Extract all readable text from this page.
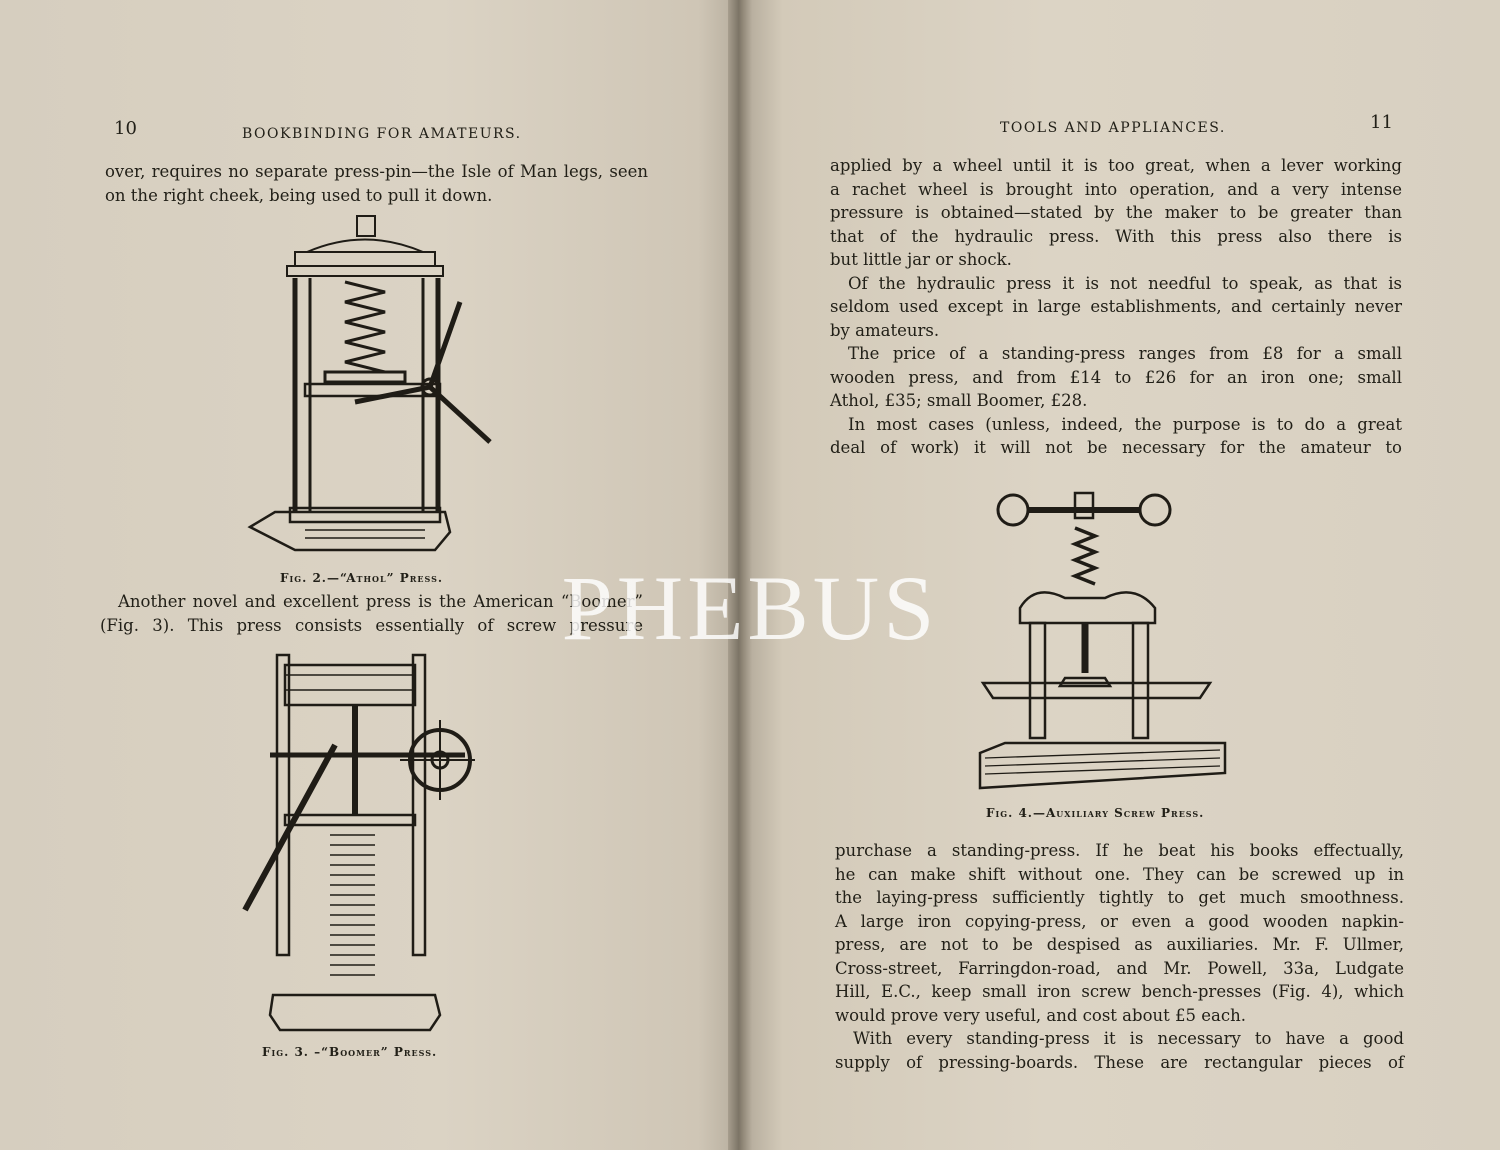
10	BOOKBINDING FOR AMATEURS.

over, requires no separate press-pin—the Isle of Man legs, seen

on the right cheek, being used to pull it down.

Fig. 2.—“Athol” Press.

Another novel and excellent press is the American “Boomer”

(Fig. 3). This press consists essentially of screw pressure

Fig. 3. –“Boomer” Press.
TOOLS AND APPLIANCES.	11

applied by a wheel until it is too great, when a lever working

a rachet wheel is brought into operation, and a very intense

pressure is obtained—stated by the maker to be greater than

that of the hydraulic press. With this press also there is

but little jar or shock.

Of the hydraulic press it is not needful to speak, as that is

seldom used except in large establishments, and certainly never

by amateurs.

The price of a standing-press ranges from £8 for a small

wooden press, and from £14 to £26 for an iron one; small

Athol, £35; small Boomer, £28.

In most cases (unless, indeed, the purpose is to do a great

deal of work) it will not be necessary for the amateur to

Fig. 4.—Auxiliary Screw Press.

purchase a standing-press. If he beat his books effectually,

he can make shift without one. They can be screwed up in

the laying-press sufficiently tightly to get much smoothness.

A large iron copying-press, or even a good wooden napkin-

press, are not to be despised as auxiliaries. Mr. F. Ullmer,

Cross-street, Farringdon-road, and Mr. Powell, 33a, Ludgate

Hill, E.C., keep small iron screw bench-presses (Fig. 4), which

would prove very useful, and cost about £5 each.

With every standing-press it is necessary to have a good

supply of pressing-boards. These are rectangular pieces of

PHEBUS
